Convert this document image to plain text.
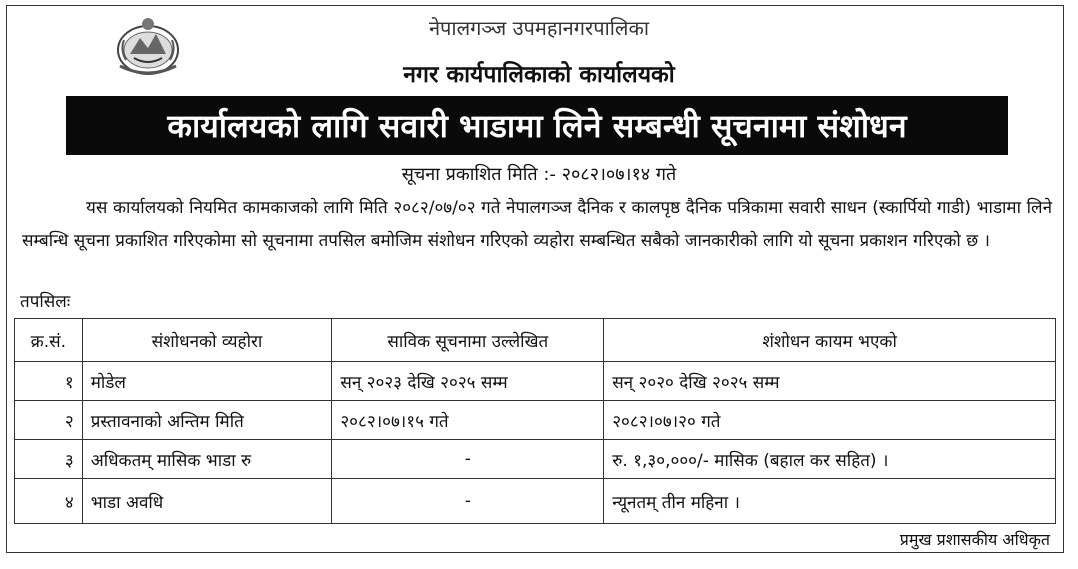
नेपालगञ्ज उपमहानगरपालिका
नगर कार्यपालिकाको कार्यालयको
कार्यालयको लागि सवारी भाडामा लिने सम्बन्धी सूचनामा संशोधन
सूचना प्रकाशित मिति :- २०८२।०७।१४ गते
यस कार्यालयको नियमित कामकाजको लागि मिति २०८२/०७/०२ गते नेपालगञ्ज दैनिक र कालपृष्ठ दैनिक पत्रिकामा सवारी साधन (स्कार्पियो गाडी) भाडामा लिने सम्बन्धि सूचना प्रकाशित गरिएकोमा सो सूचनामा तपसिल बमोजिम संशोधन गरिएको व्यहोरा सम्बन्धित सबैको जानकारीको लागि यो सूचना प्रकाशन गरिएको छ ।
तपसिलः
क्र.सं.	संशोधनको व्यहोरा	साविक सूचनामा उल्लेखित	शंशोधन कायम भएको
१	मोडेल	सन् २०२३ देखि २०२५ सम्म	सन् २०२० देखि २०२५ सम्म
२	प्रस्तावनाको अन्तिम मिति	२०८२।०७।१५ गते	२०८२।०७।२० गते
३	अधिकतम् मासिक भाडा रु	-	रु. १,३०,०००/- मासिक (बहाल कर सहित) ।
४	भाडा अवधि	-	न्यूनतम् तीन महिना ।
प्रमुख प्रशासकीय अधिकृत
